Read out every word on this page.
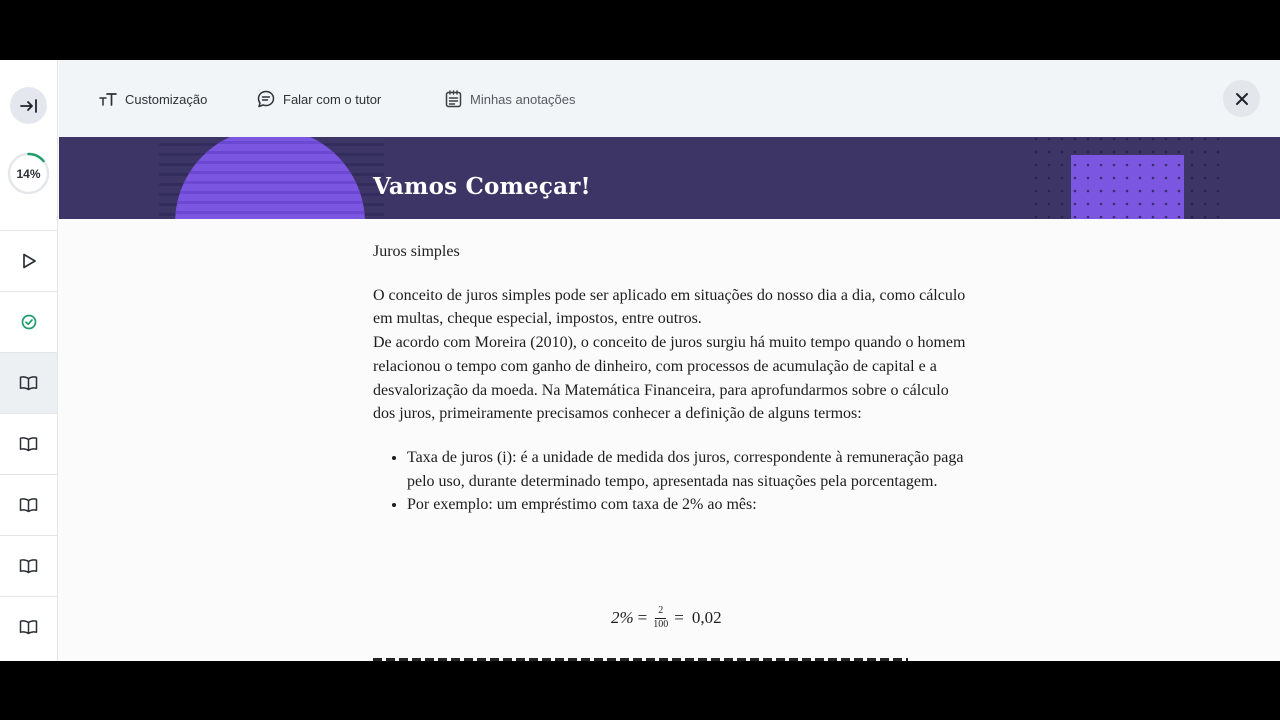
14%
Customização	Falar com o tutor	Minhas anotações
Vamos Começar!

Juros simples

O conceito de juros simples pode ser aplicado em situações do nosso dia a dia, como cálculo em multas, cheque especial, impostos, entre outros.

De acordo com Moreira (2010), o conceito de juros surgiu há muito tempo quando o homem relacionou o tempo com ganho de dinheiro, com processos de acumulação de capital e a desvalorização da moeda. Na Matemática Financeira, para aprofundarmos sobre o cálculo dos juros, primeiramente precisamos conhecer a definição de alguns termos:

• Taxa de juros (i): é a unidade de medida dos juros, correspondente à remuneração paga pelo uso, durante determinado tempo, apresentada nas situações pela porcentagem.
• Por exemplo: um empréstimo com taxa de 2% ao mês:
$2\% = \frac{2}{100} = 0,02$
